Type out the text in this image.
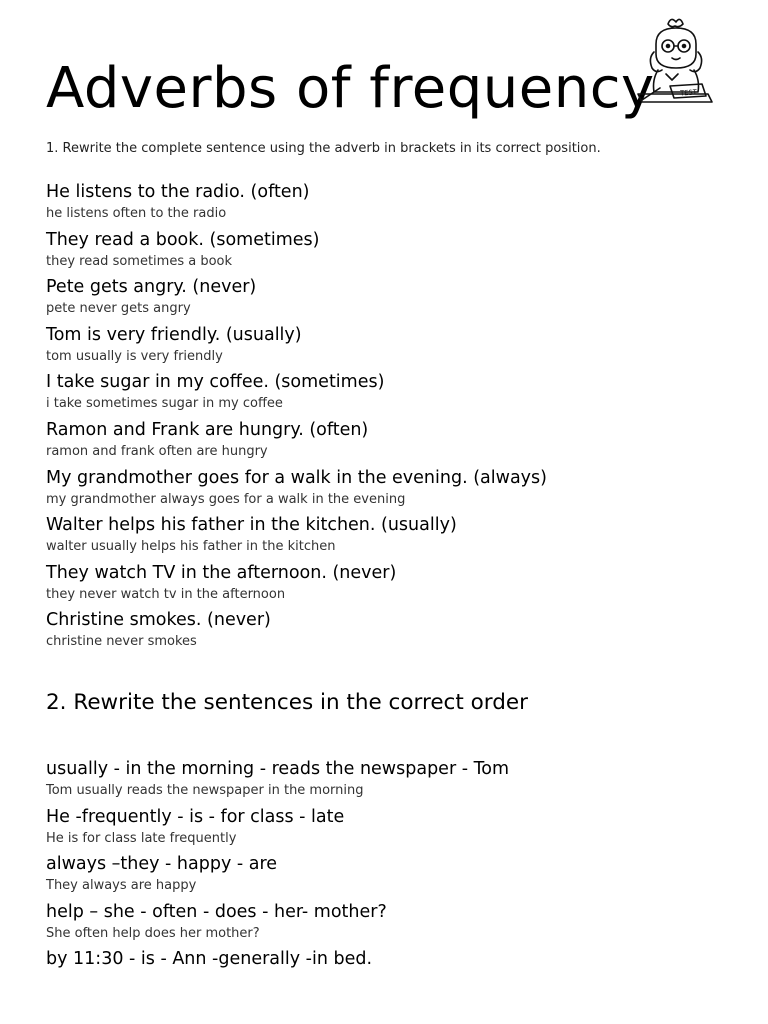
Adverbs of frequency	TEST
1. Rewrite the complete sentence using the adverb in brackets in its correct position.
He listens to the radio. (often)
he listens often to the radio
They read a book. (sometimes)
they read sometimes a book
Pete gets angry. (never)
pete never gets angry
Tom is very friendly. (usually)
tom usually is very friendly
I take sugar in my coffee. (sometimes)
i take sometimes sugar in my coffee
Ramon and Frank are hungry. (often)
ramon and frank often are hungry
My grandmother goes for a walk in the evening. (always)
my grandmother always goes for a walk in the evening
Walter helps his father in the kitchen. (usually)
walter usually helps his father in the kitchen
They watch TV in the afternoon. (never)
they never watch tv in the afternoon
Christine smokes. (never)
christine never smokes
2. Rewrite the sentences in the correct order
usually - in the morning - reads the newspaper - Tom
Tom usually reads the newspaper in the morning
He -frequently - is - for class - late
He is for class late frequently
always –they - happy - are
They always are happy
help – she - often - does - her- mother?
She often help does her mother?
by 11:30 - is - Ann -generally -in bed.
